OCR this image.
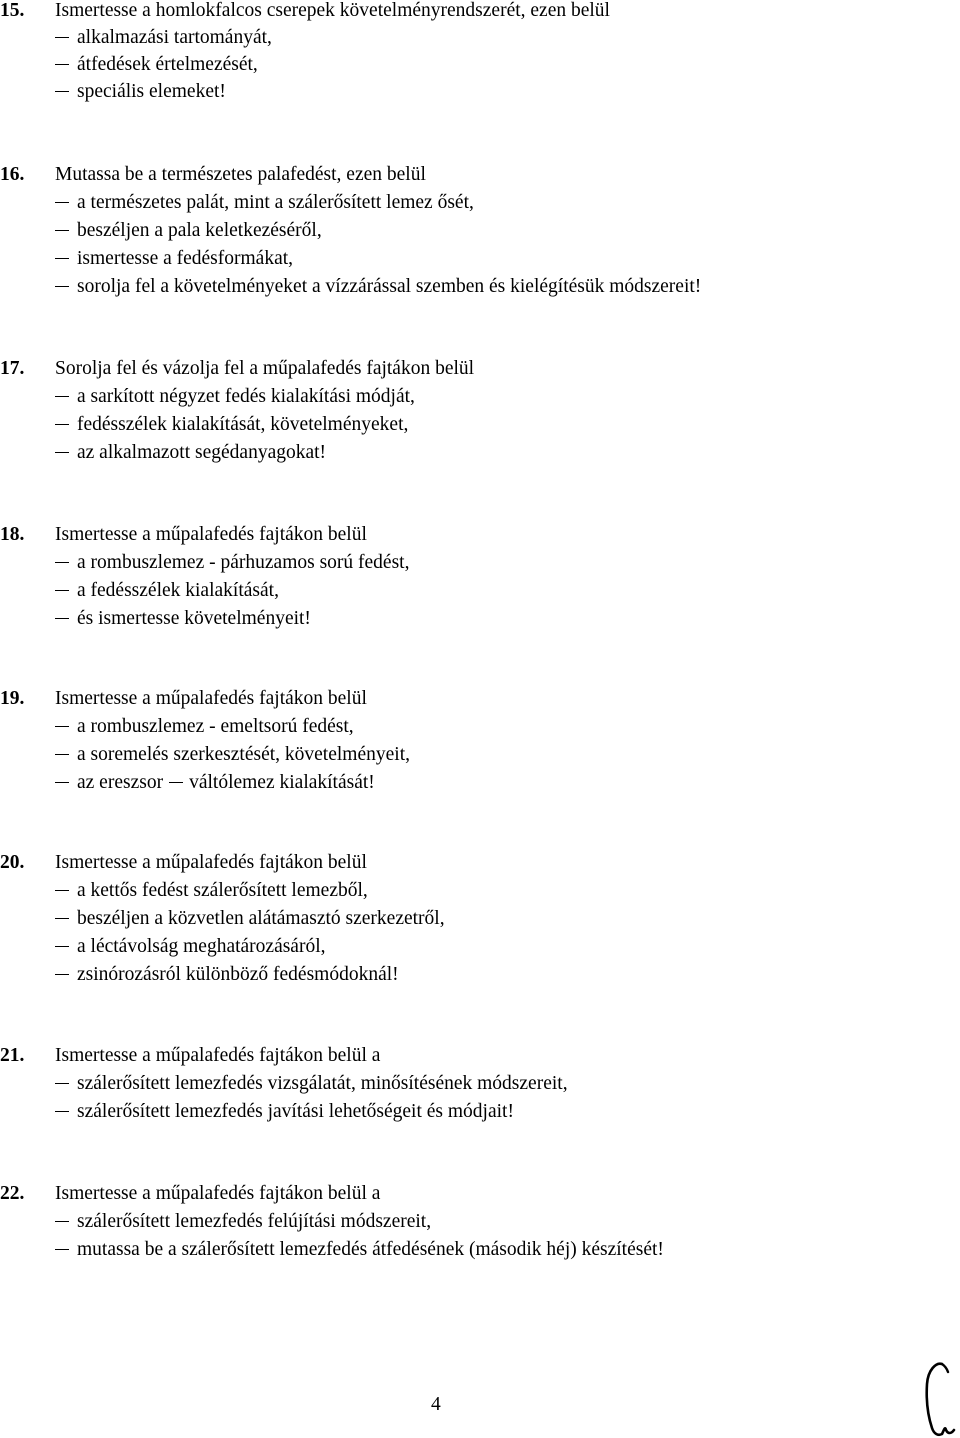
15. Ismertesse a homlokfalcos cserepek követelményrendszerét, ezen belül
alkalmazási tartományát,
átfedések értelmezését,
speciális elemeket!
16. Mutassa be a természetes palafedést, ezen belül
a természetes palát, mint a szálerősített lemez ősét,
beszéljen a pala keletkezéséről,
ismertesse a fedésformákat,
sorolja fel a követelményeket a vízzárással szemben és kielégítésük módszereit!
17. Sorolja fel és vázolja fel a műpalafedés fajtákon belül
a sarkított négyzet fedés kialakítási módját,
fedésszélek kialakítását, követelményeket,
az alkalmazott segédanyagokat!
18. Ismertesse a műpalafedés fajtákon belül
a rombuszlemez - párhuzamos sorú fedést,
a fedésszélek kialakítását,
és ismertesse követelményeit!
19. Ismertesse a műpalafedés fajtákon belül
a rombuszlemez - emeltsorú fedést,
a soremelés szerkesztését, követelményeit,
az ereszsor váltólemez kialakítását!
20. Ismertesse a műpalafedés fajtákon belül
a kettős fedést szálerősített lemezből,
beszéljen a közvetlen alátámasztó szerkezetről,
a léctávolság meghatározásáról,
zsinórozásról különböző fedésmódoknál!
21. Ismertesse a műpalafedés fajtákon belül a
szálerősített lemezfedés vizsgálatát, minősítésének módszereit,
szálerősített lemezfedés javítási lehetőségeit és módjait!
22. Ismertesse a műpalafedés fajtákon belül a
szálerősített lemezfedés felújítási módszereit,
mutassa be a szálerősített lemezfedés átfedésének (második héj) készítését!
4
